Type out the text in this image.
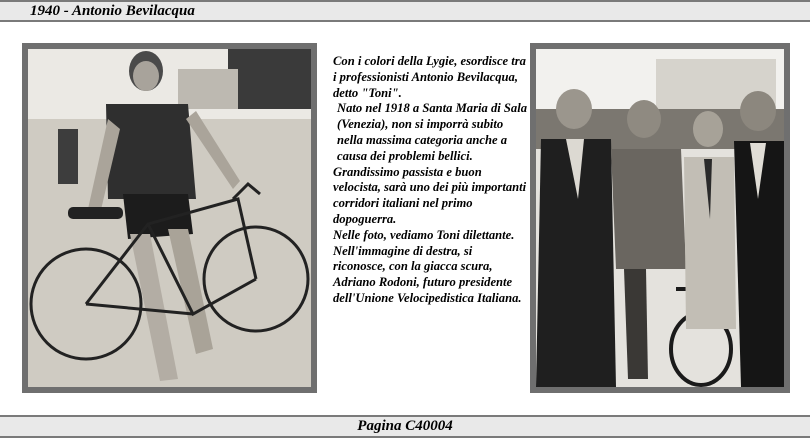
1940 - Antonio Bevilacqua

Con i colori della Lygie, esordisce tra i professionisti Antonio Bevilacqua, detto "Toni".

Nato nel 1918 a Santa Maria di Sala (Venezia), non si imporrà subito nella massima categoria anche a causa dei problemi bellici.

Grandissimo passista e buon velocista, sarà uno dei più importanti corridori italiani nel primo dopoguerra.

Nelle foto, vediamo Toni dilettante. Nell'immagine di destra, si riconosce, con la giacca scura, Adriano Rodoni, futuro presidente dell'Unione Velocipedistica Italiana.

Pagina C40004
